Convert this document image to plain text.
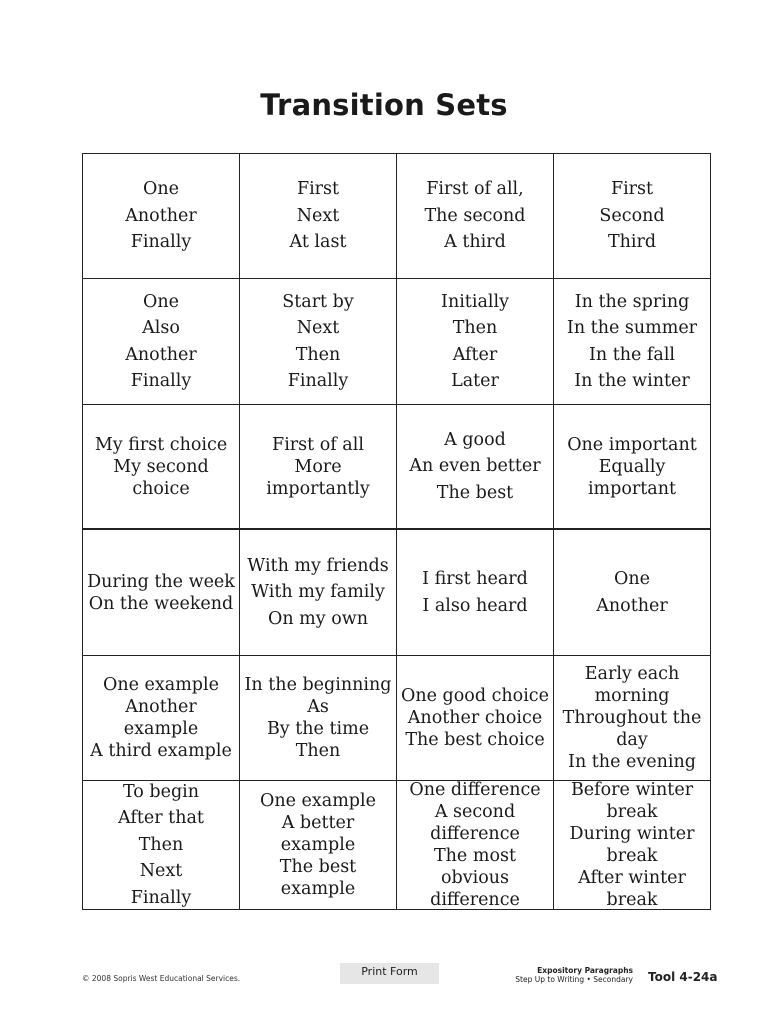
Transition Sets
One
Another
Finally
First
Next
At last
First of all,
The second
A third
First
Second
Third
One
Also
Another
Finally
Start by
Next
Then
Finally
Initially
Then
After
Later
In the spring
In the summer
In the fall
In the winter
My first choice
My second choice
First of all
More importantly
A good
An even better
The best
One important
Equally important
During the week
On the weekend
With my friends
With my family
On my own
I first heard
I also heard
One
Another
One example
Another example
A third example
In the beginning
As
By the time
Then
One good choice
Another choice
The best choice
Early each morning
Throughout the day
In the evening
To begin
After that
Then
Next
Finally
One example
A better example
The best example
One difference
A second difference
The most obvious difference
Before winter break
During winter break
After winter break
© 2008 Sopris West Educational Services.
Print Form	Expository Paragraphs
Step Up to Writing • Secondary Tool 4-24a
